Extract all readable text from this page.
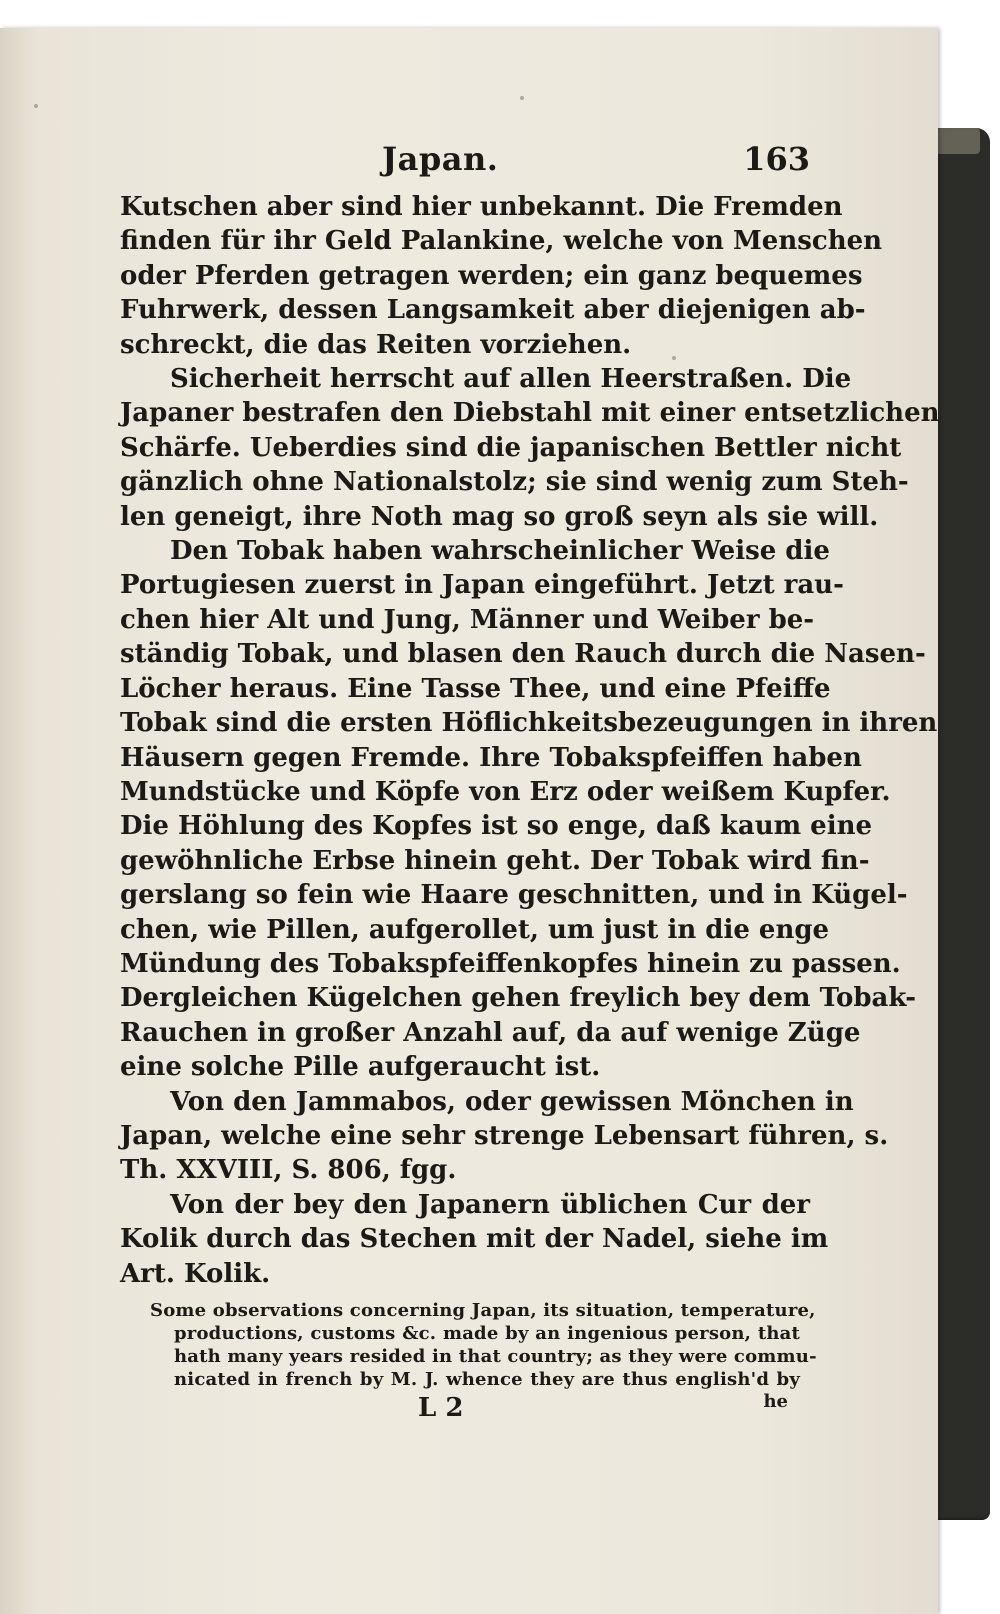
Japan.	163
Kutschen aber sind hier unbekannt. Die Fremden
finden für ihr Geld Palankine, welche von Menschen
oder Pferden getragen werden; ein ganz bequemes
Fuhrwerk, dessen Langsamkeit aber diejenigen ab-
schreckt, die das Reiten vorziehen.
Sicherheit herrscht auf allen Heerstraßen. Die
Japaner bestrafen den Diebstahl mit einer entsetzlichen
Schärfe. Ueberdies sind die japanischen Bettler nicht
gänzlich ohne Nationalstolz; sie sind wenig zum Steh-
len geneigt, ihre Noth mag so groß seyn als sie will.
Den Tobak haben wahrscheinlicher Weise die
Portugiesen zuerst in Japan eingeführt. Jetzt rau-
chen hier Alt und Jung, Männer und Weiber be-
ständig Tobak, und blasen den Rauch durch die Nasen-
Löcher heraus. Eine Tasse Thee, und eine Pfeiffe
Tobak sind die ersten Höflichkeitsbezeugungen in ihren
Häusern gegen Fremde. Ihre Tobakspfeiffen haben
Mundstücke und Köpfe von Erz oder weißem Kupfer.
Die Höhlung des Kopfes ist so enge, daß kaum eine
gewöhnliche Erbse hinein geht. Der Tobak wird fin-
gerslang so fein wie Haare geschnitten, und in Kügel-
chen, wie Pillen, aufgerollet, um just in die enge
Mündung des Tobakspfeiffenkopfes hinein zu passen.
Dergleichen Kügelchen gehen freylich bey dem Tobak-
Rauchen in großer Anzahl auf, da auf wenige Züge
eine solche Pille aufgeraucht ist.
Von den Jammabos, oder gewissen Mönchen in
Japan, welche eine sehr strenge Lebensart führen, s.
Th. XXVIII, S. 806, fgg.
Von der bey den Japanern üblichen Cur der
Kolik durch das Stechen mit der Nadel, siehe im
Art. Kolik.
Some observations concerning Japan, its situation, temperature,
productions, customs &c. made by an ingenious person, that
hath many years resided in that country; as they were commu-
nicated in french by M. J. whence they are thus english'd by
L 2	he
